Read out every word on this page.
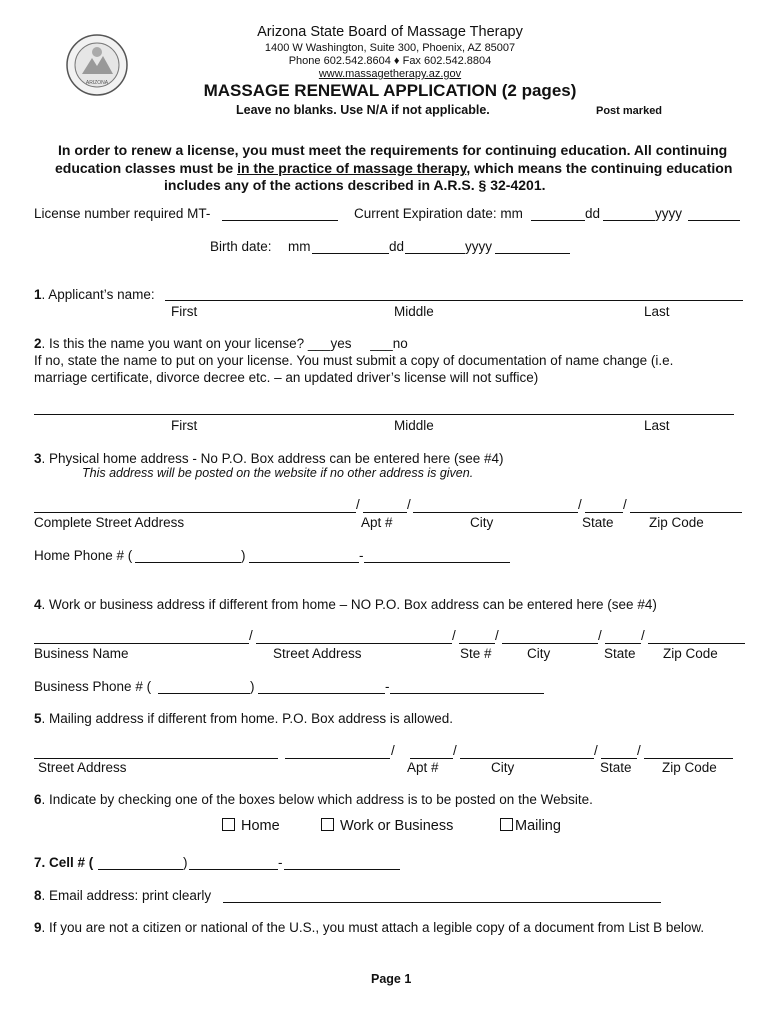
ARIZONA
Arizona State Board of Massage Therapy
1400 W Washington, Suite 300, Phoenix, AZ 85007
Phone 602.542.8604 ♦ Fax 602.542.8804
www.massagetherapy.az.gov
MASSAGE RENEWAL APPLICATION (2 pages)
Leave no blanks. Use N/A if not applicable.	Post marked
In order to renew a license, you must meet the requirements for continuing education. All continuing
education classes must be in the practice of massage therapy, which means the continuing education
includes any of the actions described in A.R.S. § 32-4201.
License number required MT-	Current Expiration date: mm	dd	yyyy
Birth date: mm	dd	yyyy
1. Applicant’s name:
First	Middle	Last
2. Is this the name you want on your license? ___yes ___no
If no, state the name to put on your license. You must submit a copy of documentation of name change (i.e.
marriage certificate, divorce decree etc. – an updated driver’s license will not suffice)
First	Middle	Last
3. Physical home address - No P.O. Box address can be entered here (see #4)
This address will be posted on the website if no other address is given.
/	/	/	/
Complete Street Address	Apt #	City	State	Zip Code
Home Phone # (	)	-
4. Work or business address if different from home – NO P.O. Box address can be entered here (see #4)
/	/	/	/	/
Business Name	Street Address	Ste #	City	State Zip Code
Business Phone # (	)	-
5. Mailing address if different from home. P.O. Box address is allowed.
/	/	/	/
Street Address	Apt #	City	State Zip Code
6. Indicate by checking one of the boxes below which address is to be posted on the Website.
Home	Work or Business	Mailing
7. Cell # (	)	-
8. Email address: print clearly
9. If you are not a citizen or national of the U.S., you must attach a legible copy of a document from List B below.
Page 1
